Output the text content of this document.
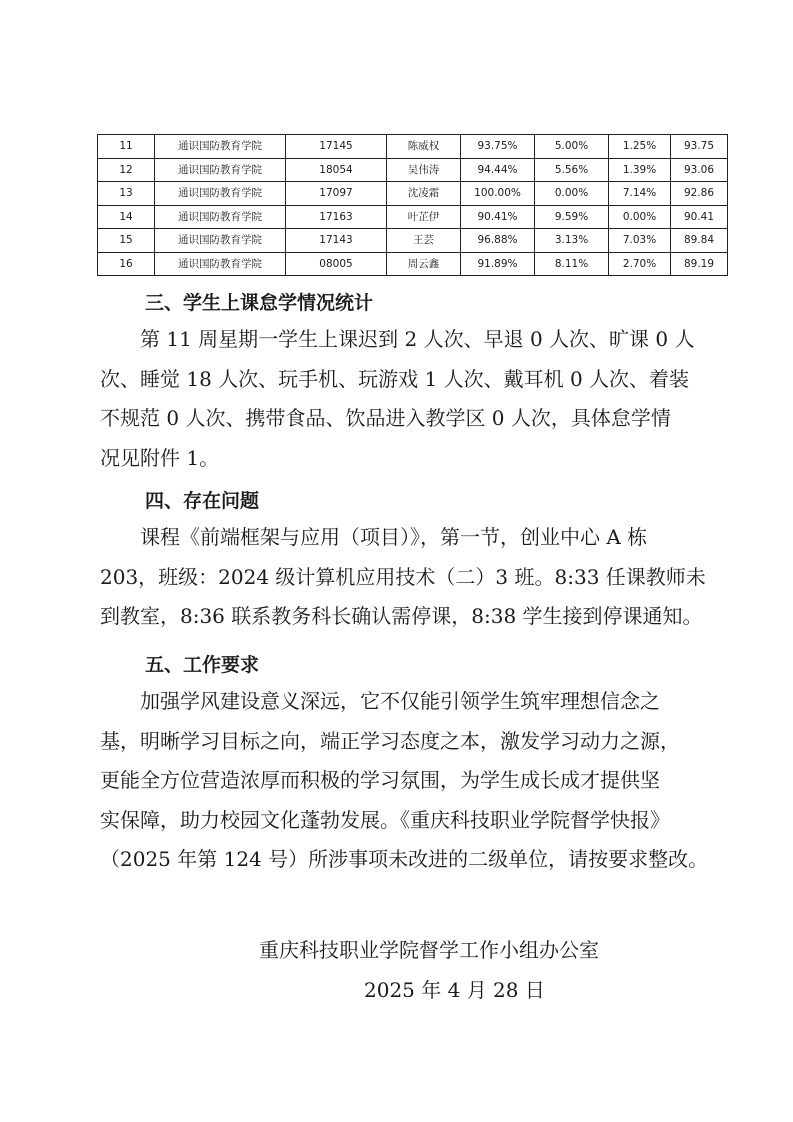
11	通识国防教育学院	17145	陈威权	93.75%	5.00%	1.25%	93.75
12	通识国防教育学院	18054	吴伟涛	94.44%	5.56%	1.39%	93.06
13	通识国防教育学院	17097	沈凌霜	100.00%	0.00%	7.14%	92.86
14	通识国防教育学院	17163	叶芷伊	90.41%	9.59%	0.00%	90.41
15	通识国防教育学院	17143	王芸	96.88%	3.13%	7.03%	89.84
16	通识国防教育学院	08005	周云鑫	91.89%	8.11%	2.70%	89.19
三、学生上课怠学情况统计

第 11 周星期一学生上课迟到 2 人次、早退 0 人次、旷课 0 人
次、睡觉 18 人次、玩手机、玩游戏 1 人次、戴耳机 0 人次、着装
不规范 0 人次、携带食品、饮品进入教学区 0 人次，具体怠学情
况见附件 1。

四、存在问题

课程《前端框架与应用（项目）》，第一节，创业中心 A 栋
203，班级：2024 级计算机应用技术（二）3 班。8:33 任课教师未
到教室，8:36 联系教务科长确认需停课，8:38 学生接到停课通知。

五、工作要求

加强学风建设意义深远，它不仅能引领学生筑牢理想信念之
基，明晰学习目标之向，端正学习态度之本，激发学习动力之源，
更能全方位营造浓厚而积极的学习氛围，为学生成长成才提供坚
实保障，助力校园文化蓬勃发展。《重庆科技职业学院督学快报》
（2025 年第 124 号）所涉事项未改进的二级单位，请按要求整改。

重庆科技职业学院督学工作小组办公室
2025 年 4 月 28 日
